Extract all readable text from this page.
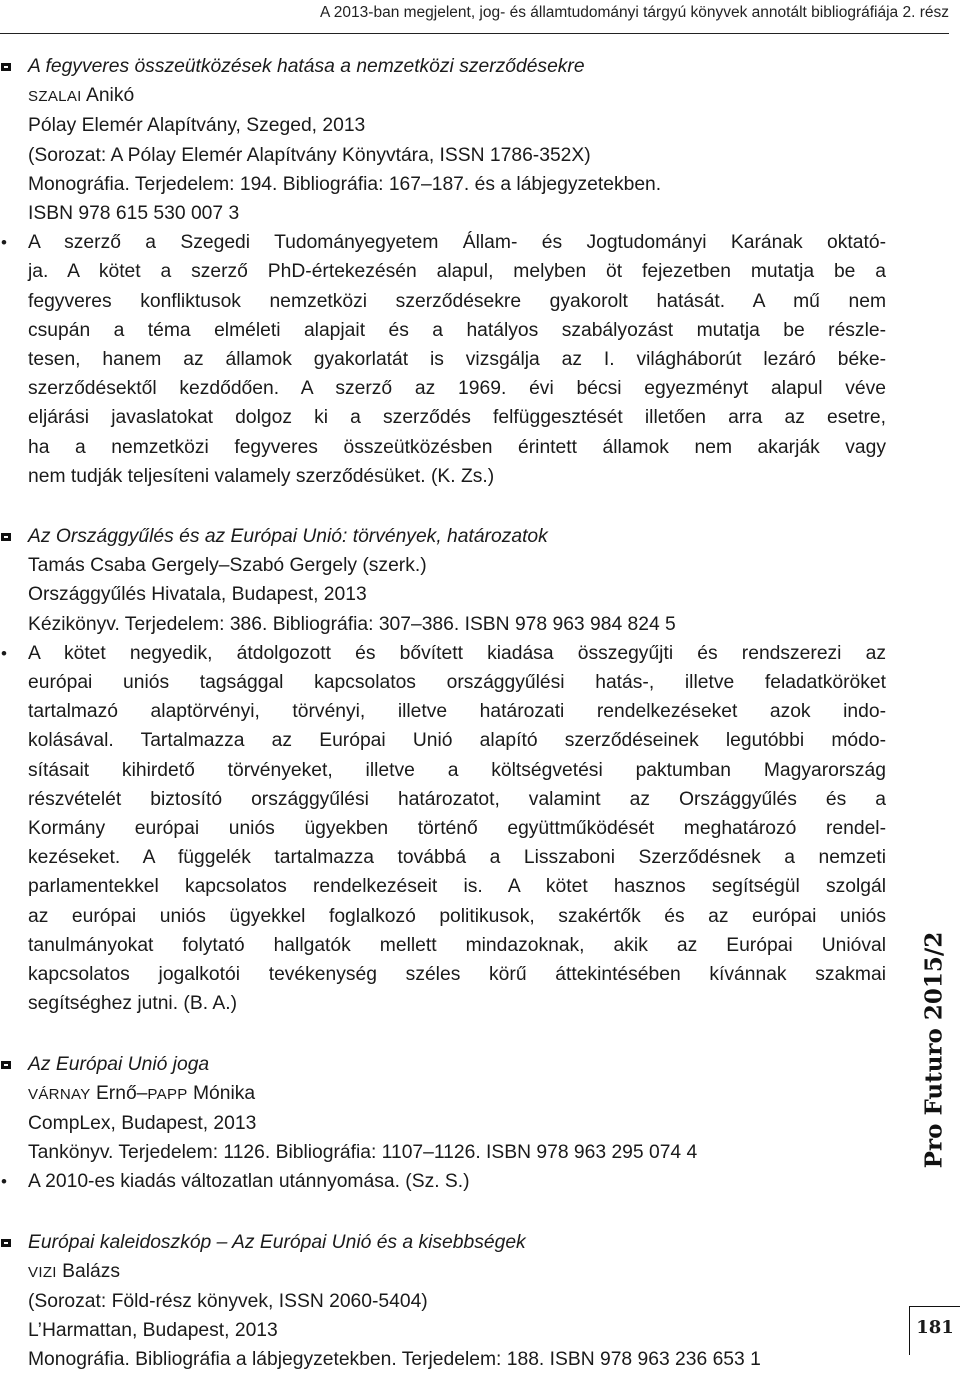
A 2013-ban megjelent, jog- és államtudományi tárgyú könyvek annotált bibliográfiája 2. rész
A fegyveres összeütközések hatása a nemzetközi szerződésekre
SZALAI Anikó
Pólay Elemér Alapítvány, Szeged, 2013
(Sorozat: A Pólay Elemér Alapítvány Könyvtára, ISSN 1786-352X)
Monográfia. Terjedelem: 194. Bibliográfia: 167–187. és a lábjegyzetekben.
ISBN 978 615 530 007 3
• A szerző a Szegedi Tudományegyetem Állam- és Jogtudományi Karának oktató-
ja. A kötet a szerző PhD-értekezésén alapul, melyben öt fejezetben mutatja be a
fegyveres konfliktusok nemzetközi szerződésekre gyakorolt hatását. A mű nem
csupán a téma elméleti alapjait és a hatályos szabályozást mutatja be részle-
tesen, hanem az államok gyakorlatát is vizsgálja az I. világháborút lezáró béke-
szerződésektől kezdődően. A szerző az 1969. évi bécsi egyezményt alapul véve
eljárási javaslatokat dolgoz ki a szerződés felfüggesztését illetően arra az esetre,
ha a nemzetközi fegyveres összeütközésben érintett államok nem akarják vagy
nem tudják teljesíteni valamely szerződésüket. (K. Zs.)
Az Országgyűlés és az Európai Unió: törvények, határozatok
Tamás Csaba Gergely–Szabó Gergely (szerk.)
Országgyűlés Hivatala, Budapest, 2013
Kézikönyv. Terjedelem: 386. Bibliográfia: 307–386. ISBN 978 963 984 824 5
• A kötet negyedik, átdolgozott és bővített kiadása összegyűjti és rendszerezi az
európai uniós tagsággal kapcsolatos országgyűlési hatás-, illetve feladatköröket
tartalmazó alaptörvényi, törvényi, illetve határozati rendelkezéseket azok indo-
kolásával. Tartalmazza az Európai Unió alapító szerződéseinek legutóbbi módo-
sításait kihirdető törvényeket, illetve a költségvetési paktumban Magyarország
részvételét biztosító országgyűlési határozatot, valamint az Országgyűlés és a
Kormány európai uniós ügyekben történő együttműködését meghatározó rendel-
kezéseket. A függelék tartalmazza továbbá a Lisszaboni Szerződésnek a nemzeti
parlamentekkel kapcsolatos rendelkezéseit is. A kötet hasznos segítségül szolgál
az európai uniós ügyekkel foglalkozó politikusok, szakértők és az európai uniós
tanulmányokat folytató hallgatók mellett mindazoknak, akik az Európai Unióval
kapcsolatos jogalkotói tevékenység széles körű áttekintésében kívánnak szakmai
segítséghez jutni. (B. A.)
Az Európai Unió joga
VÁRNAY Ernő–PAPP Mónika
CompLex, Budapest, 2013
Tankönyv. Terjedelem: 1126. Bibliográfia: 1107–1126. ISBN 978 963 295 074 4
• A 2010-es kiadás változatlan utánnyomása. (Sz. S.)
Európai kaleidoszkóp – Az Európai Unió és a kisebbségek
VIZI Balázs
(Sorozat: Föld-rész könyvek, ISSN 2060-5404)
L’Harmattan, Budapest, 2013
Monográfia. Bibliográfia a lábjegyzetekben. Terjedelem: 188. ISBN 978 963 236 653 1
Pro Futuro 2015/2
181
